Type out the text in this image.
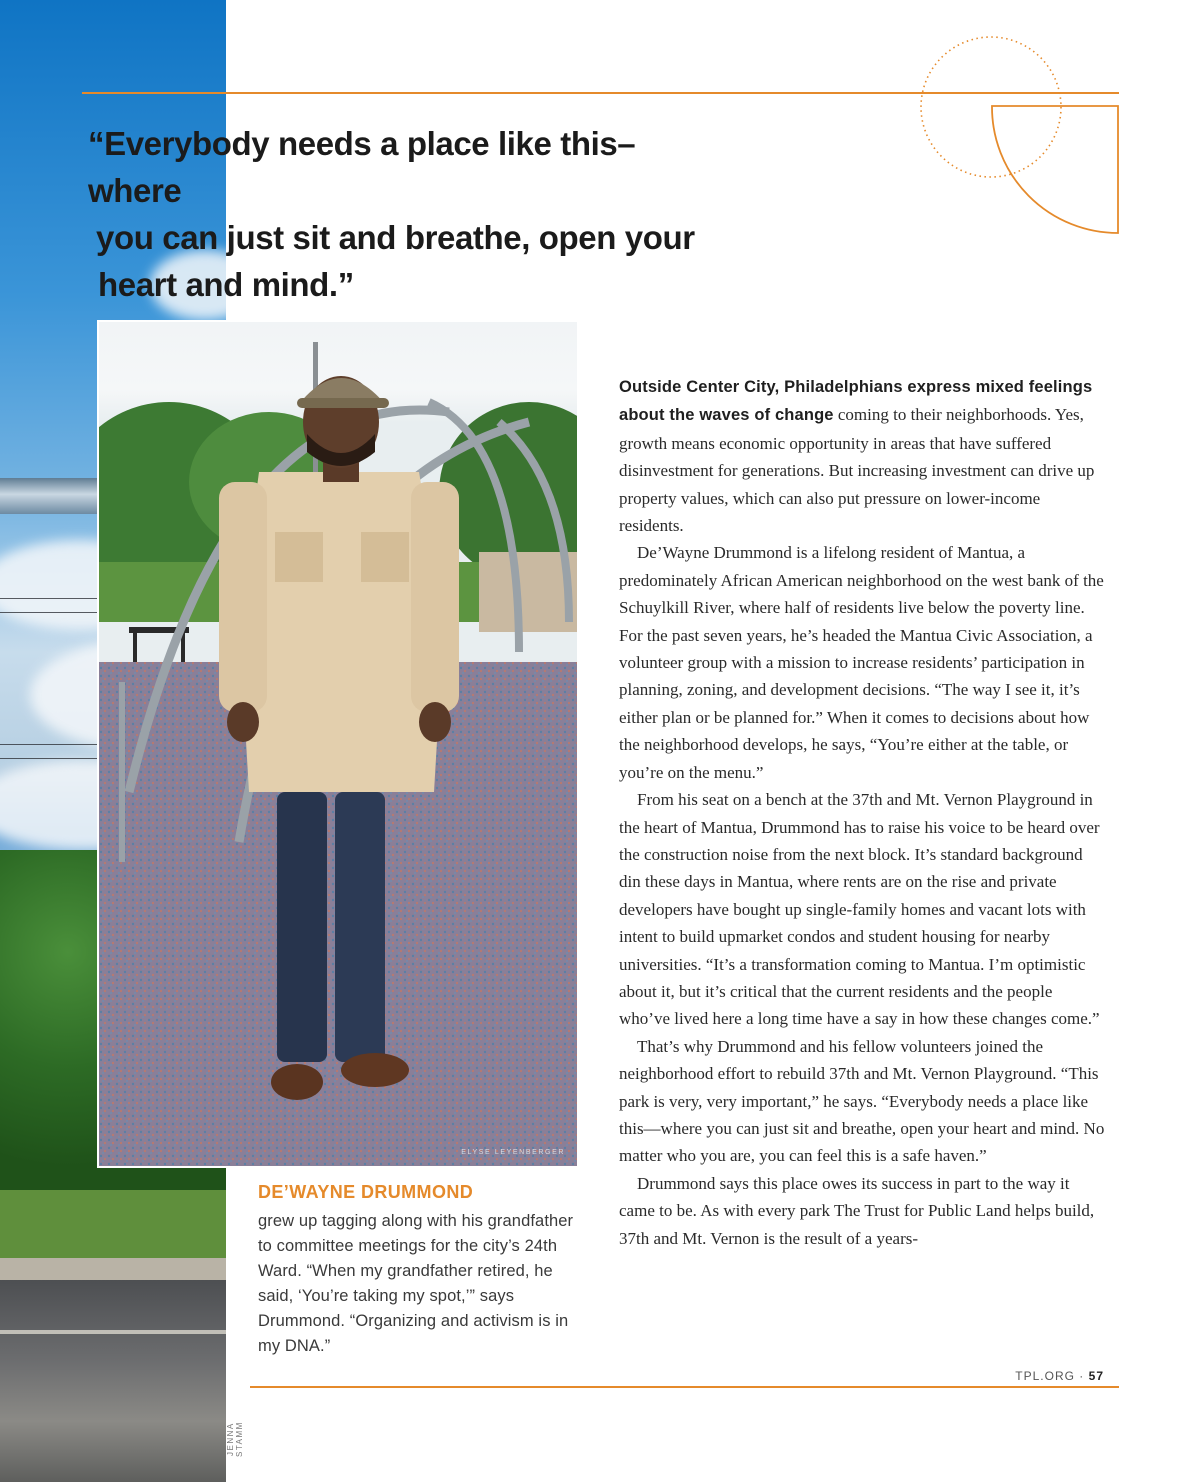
JENNA STAMM
“Everybody needs a place like this–where
you can just sit and breathe, open your
heart and mind.”
ELYSE LEYENBERGER

DE’WAYNE DRUMMOND

grew up tagging along with his grandfather to committee meetings for the city’s 24th Ward. “When my grandfather retired, he said, ‘You’re taking my spot,’” says Drummond. “Organizing and activism is in my DNA.”

Outside Center City, Philadelphians express mixed feelings about the waves of change coming to their neighborhoods. Yes, growth means economic opportunity in areas that have suffered disinvestment for generations. But increasing investment can drive up property values, which can also put pressure on lower-income residents.

De’Wayne Drummond is a lifelong resident of Mantua, a predominately African American neighborhood on the west bank of the Schuylkill River, where half of residents live below the poverty line. For the past seven years, he’s headed the Mantua Civic Association, a volunteer group with a mission to increase residents’ participation in planning, zoning, and development decisions. “The way I see it, it’s either plan or be planned for.” When it comes to decisions about how the neighborhood develops, he says, “You’re either at the table, or you’re on the menu.”

From his seat on a bench at the 37th and Mt. Vernon Playground in the heart of Mantua, Drummond has to raise his voice to be heard over the construction noise from the next block. It’s standard background din these days in Mantua, where rents are on the rise and private developers have bought up single-family homes and vacant lots with intent to build upmarket condos and student housing for nearby universities. “It’s a transformation coming to Mantua. I’m optimistic about it, but it’s critical that the current residents and the people who’ve lived here a long time have a say in how these changes come.”

That’s why Drummond and his fellow volunteers joined the neighborhood effort to rebuild 37th and Mt. Vernon Playground. “This park is very, very important,” he says. “Everybody needs a place like this—where you can just sit and breathe, open your heart and mind. No matter who you are, you can feel this is a safe haven.”

Drummond says this place owes its success in part to the way it came to be. As with every park The Trust for Public Land helps build, 37th and Mt. Vernon is the result of a years-

TPL.ORG · 57
